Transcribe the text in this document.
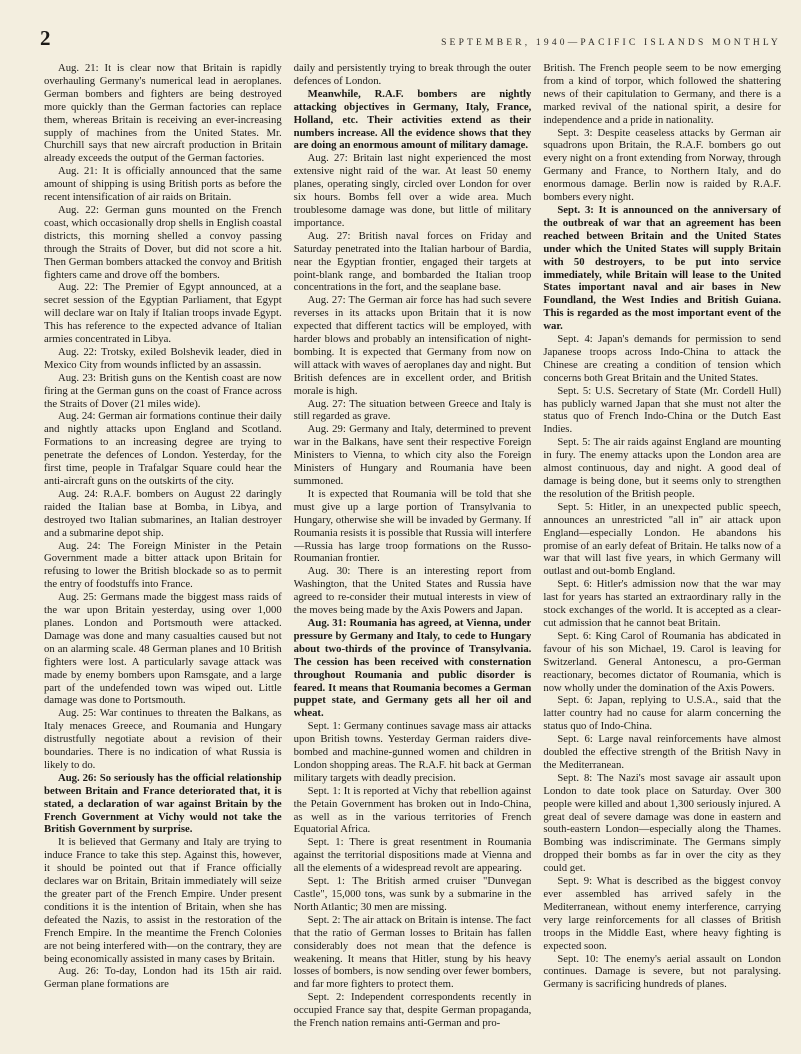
2	SEPTEMBER, 1940—PACIFIC ISLANDS MONTHLY

Aug. 21: It is clear now that Britain is rapidly overhauling Germany's numerical lead in aeroplanes. German bombers and fighters are being destroyed more quickly than the German factories can replace them, whereas Britain is receiving an ever-increasing supply of machines from the United States. Mr. Churchill says that new aircraft production in Britain already exceeds the output of the German factories.

Aug. 21: It is officially announced that the same amount of shipping is using British ports as before the recent intensification of air raids on Britain.

Aug. 22: German guns mounted on the French coast, which occasionally drop shells in English coastal districts, this morning shelled a convoy passing through the Straits of Dover, but did not score a hit. Then German bombers attacked the convoy and British fighters came and drove off the bombers.

Aug. 22: The Premier of Egypt announced, at a secret session of the Egyptian Parliament, that Egypt will declare war on Italy if Italian troops invade Egypt. This has reference to the expected advance of Italian armies concentrated in Libya.

Aug. 22: Trotsky, exiled Bolshevik leader, died in Mexico City from wounds inflicted by an assassin.

Aug. 23: British guns on the Kentish coast are now firing at the German guns on the coast of France across the Straits of Dover (21 miles wide).

Aug. 24: German air formations continue their daily and nightly attacks upon England and Scotland. Formations to an increasing degree are trying to penetrate the defences of London. Yesterday, for the first time, people in Trafalgar Square could hear the anti-aircraft guns on the outskirts of the city.

Aug. 24: R.A.F. bombers on August 22 daringly raided the Italian base at Bomba, in Libya, and destroyed two Italian submarines, an Italian destroyer and a submarine depot ship.

Aug. 24: The Foreign Minister in the Petain Government made a bitter attack upon Britain for refusing to lower the British blockade so as to permit the entry of foodstuffs into France.

Aug. 25: Germans made the biggest mass raids of the war upon Britain yesterday, using over 1,000 planes. London and Portsmouth were attacked. Damage was done and many casualties caused but not on an alarming scale. 48 German planes and 10 British fighters were lost. A particularly savage attack was made by enemy bombers upon Ramsgate, and a large part of the undefended town was wiped out. Little damage was done to Portsmouth.

Aug. 25: War continues to threaten the Balkans, as Italy menaces Greece, and Roumania and Hungary distrustfully negotiate about a revision of their boundaries. There is no indication of what Russia is likely to do.

Aug. 26: So seriously has the official relationship between Britain and France deteriorated that, it is stated, a declaration of war against Britain by the French Government at Vichy would not take the British Government by surprise.

It is believed that Germany and Italy are trying to induce France to take this step. Against this, however, it should be pointed out that if France officially declares war on Britain, Britain immediately will seize the greater part of the French Empire. Under present conditions it is the intention of Britain, when she has defeated the Nazis, to assist in the restoration of the French Empire. In the meantime the French Colonies are not being interfered with—on the contrary, they are being economically assisted in many cases by Britain.

Aug. 26: To-day, London had its 15th air raid. German plane formations are

daily and persistently trying to break through the outer defences of London.

Meanwhile, R.A.F. bombers are nightly attacking objectives in Germany, Italy, France, Holland, etc. Their activities extend as their numbers increase. All the evidence shows that they are doing an enormous amount of military damage.

Aug. 27: Britain last night experienced the most extensive night raid of the war. At least 50 enemy planes, operating singly, circled over London for over six hours. Bombs fell over a wide area. Much troublesome damage was done, but little of military importance.

Aug. 27: British naval forces on Friday and Saturday penetrated into the Italian harbour of Bardia, near the Egyptian frontier, engaged their targets at point-blank range, and bombarded the Italian troop concentrations in the fort, and the seaplane base.

Aug. 27: The German air force has had such severe reverses in its attacks upon Britain that it is now expected that different tactics will be employed, with harder blows and probably an intensification of night-bombing. It is expected that Germany from now on will attack with waves of aeroplanes day and night. But British defences are in excellent order, and British morale is high.

Aug. 27: The situation between Greece and Italy is still regarded as grave.

Aug. 29: Germany and Italy, determined to prevent war in the Balkans, have sent their respective Foreign Ministers to Vienna, to which city also the Foreign Ministers of Hungary and Roumania have been summoned.

It is expected that Roumania will be told that she must give up a large portion of Transylvania to Hungary, otherwise she will be invaded by Germany. If Roumania resists it is possible that Russia will interfere—Russia has large troop formations on the Russo-Roumanian frontier.

Aug. 30: There is an interesting report from Washington, that the United States and Russia have agreed to re-consider their mutual interests in view of the moves being made by the Axis Powers and Japan.

Aug. 31: Roumania has agreed, at Vienna, under pressure by Germany and Italy, to cede to Hungary about two-thirds of the province of Transylvania. The cession has been received with consternation throughout Roumania and public disorder is feared. It means that Roumania becomes a German puppet state, and Germany gets all her oil and wheat.

Sept. 1: Germany continues savage mass air attacks upon British towns. Yesterday German raiders dive-bombed and machine-gunned women and children in London shopping areas. The R.A.F. hit back at German military targets with deadly precision.

Sept. 1: It is reported at Vichy that rebellion against the Petain Government has broken out in Indo-China, as well as in the various territories of French Equatorial Africa.

Sept. 1: There is great resentment in Roumania against the territorial dispositions made at Vienna and all the elements of a widespread revolt are appearing.

Sept. 1: The British armed cruiser "Dunvegan Castle", 15,000 tons, was sunk by a submarine in the North Atlantic; 30 men are missing.

Sept. 2: The air attack on Britain is intense. The fact that the ratio of German losses to Britain has fallen considerably does not mean that the defence is weakening. It means that Hitler, stung by his heavy losses of bombers, is now sending over fewer bombers, and far more fighters to protect them.

Sept. 2: Independent correspondents recently in occupied France say that, despite German propaganda, the French nation remains anti-German and pro-

British. The French people seem to be now emerging from a kind of torpor, which followed the shattering news of their capitulation to Germany, and there is a marked revival of the national spirit, a desire for independence and a pride in nationality.

Sept. 3: Despite ceaseless attacks by German air squadrons upon Britain, the R.A.F. bombers go out every night on a front extending from Norway, through Germany and France, to Northern Italy, and do enormous damage. Berlin now is raided by R.A.F. bombers every night.

Sept. 3: It is announced on the anniversary of the outbreak of war that an agreement has been reached between Britain and the United States under which the United States will supply Britain with 50 destroyers, to be put into service immediately, while Britain will lease to the United States important naval and air bases in New Foundland, the West Indies and British Guiana. This is regarded as the most important event of the war.

Sept. 4: Japan's demands for permission to send Japanese troops across Indo-China to attack the Chinese are creating a condition of tension which concerns both Great Britain and the United States.

Sept. 5: U.S. Secretary of State (Mr. Cordell Hull) has publicly warned Japan that she must not alter the status quo of French Indo-China or the Dutch East Indies.

Sept. 5: The air raids against England are mounting in fury. The enemy attacks upon the London area are almost continuous, day and night. A good deal of damage is being done, but it seems only to strengthen the resolution of the British people.

Sept. 5: Hitler, in an unexpected public speech, announces an unrestricted "all in" air attack upon England—especially London. He abandons his promise of an early defeat of Britain. He talks now of a war that will last five years, in which Germany will outlast and out-bomb England.

Sept. 6: Hitler's admission now that the war may last for years has started an extraordinary rally in the stock exchanges of the world. It is accepted as a clear-cut admission that he cannot beat Britain.

Sept. 6: King Carol of Roumania has abdicated in favour of his son Michael, 19. Carol is leaving for Switzerland. General Antonescu, a pro-German reactionary, becomes dictator of Roumania, which is now wholly under the domination of the Axis Powers.

Sept. 6: Japan, replying to U.S.A., said that the latter country had no cause for alarm concerning the status quo of Indo-China.

Sept. 6: Large naval reinforcements have almost doubled the effective strength of the British Navy in the Mediterranean.

Sept. 8: The Nazi's most savage air assault upon London to date took place on Saturday. Over 300 people were killed and about 1,300 seriously injured. A great deal of severe damage was done in eastern and south-eastern London—especially along the Thames. Bombing was indiscriminate. The Germans simply dropped their bombs as far in over the city as they could get.

Sept. 9: What is described as the biggest convoy ever assembled has arrived safely in the Mediterranean, without enemy interference, carrying very large reinforcements for all classes of British troops in the Middle East, where heavy fighting is expected soon.

Sept. 10: The enemy's aerial assault on London continues. Damage is severe, but not paralysing. Germany is sacrificing hundreds of planes.
